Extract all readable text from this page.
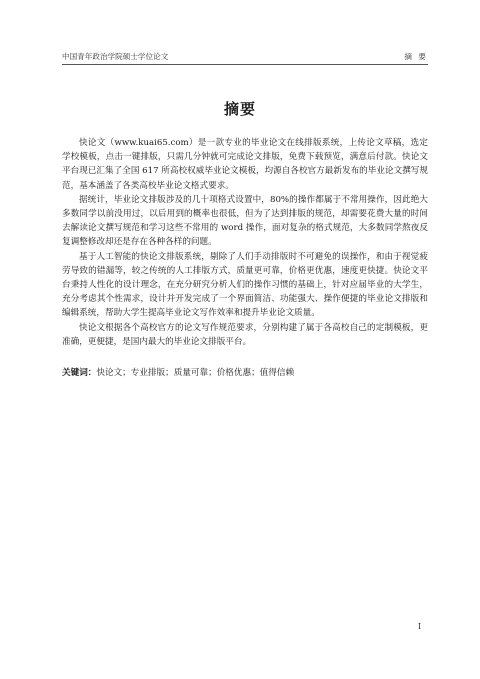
中国青年政治学院硕士学位论文	摘 要
摘要

快论文（www.kuai65.com）是一款专业的毕业论文在线排版系统，上传论文草稿，选定学校模板，点击一键排版，只需几分钟就可完成论文排版，免费下载预览，满意后付款。快论文平台现已汇集了全国 617 所高校权威毕业论文模板，均源自各校官方最新发布的毕业论文撰写规范，基本涵盖了各类高校毕业论文格式要求。

据统计，毕业论文排版涉及的几十项格式设置中，80%的操作都属于不常用操作，因此绝大多数同学以前没用过，以后用到的概率也很低，但为了达到排版的规范，却需要花费大量的时间去解读论文撰写规范和学习这些不常用的 word 操作，面对复杂的格式规范，大多数同学熬夜反复调整修改却还是存在各种各样的问题。

基于人工智能的快论文排版系统，剔除了人们手动排版时不可避免的误操作，和由于视觉疲劳导致的错漏等，较之传统的人工排版方式，质量更可靠，价格更优惠，速度更快捷。快论文平台秉持人性化的设计理念，在充分研究分析人们的操作习惯的基础上，针对应届毕业的大学生，充分考虑其个性需求，设计并开发完成了一个界面简洁、功能强大、操作便捷的毕业论文排版和编辑系统，帮助大学生提高毕业论文写作效率和提升毕业论文质量。

快论文根据各个高校官方的论文写作规范要求，分别构建了属于各高校自己的定制模板，更准确，更便捷，是国内最大的毕业论文排版平台。

关键词：快论文；专业排版；质量可靠；价格优惠；值得信赖
I
